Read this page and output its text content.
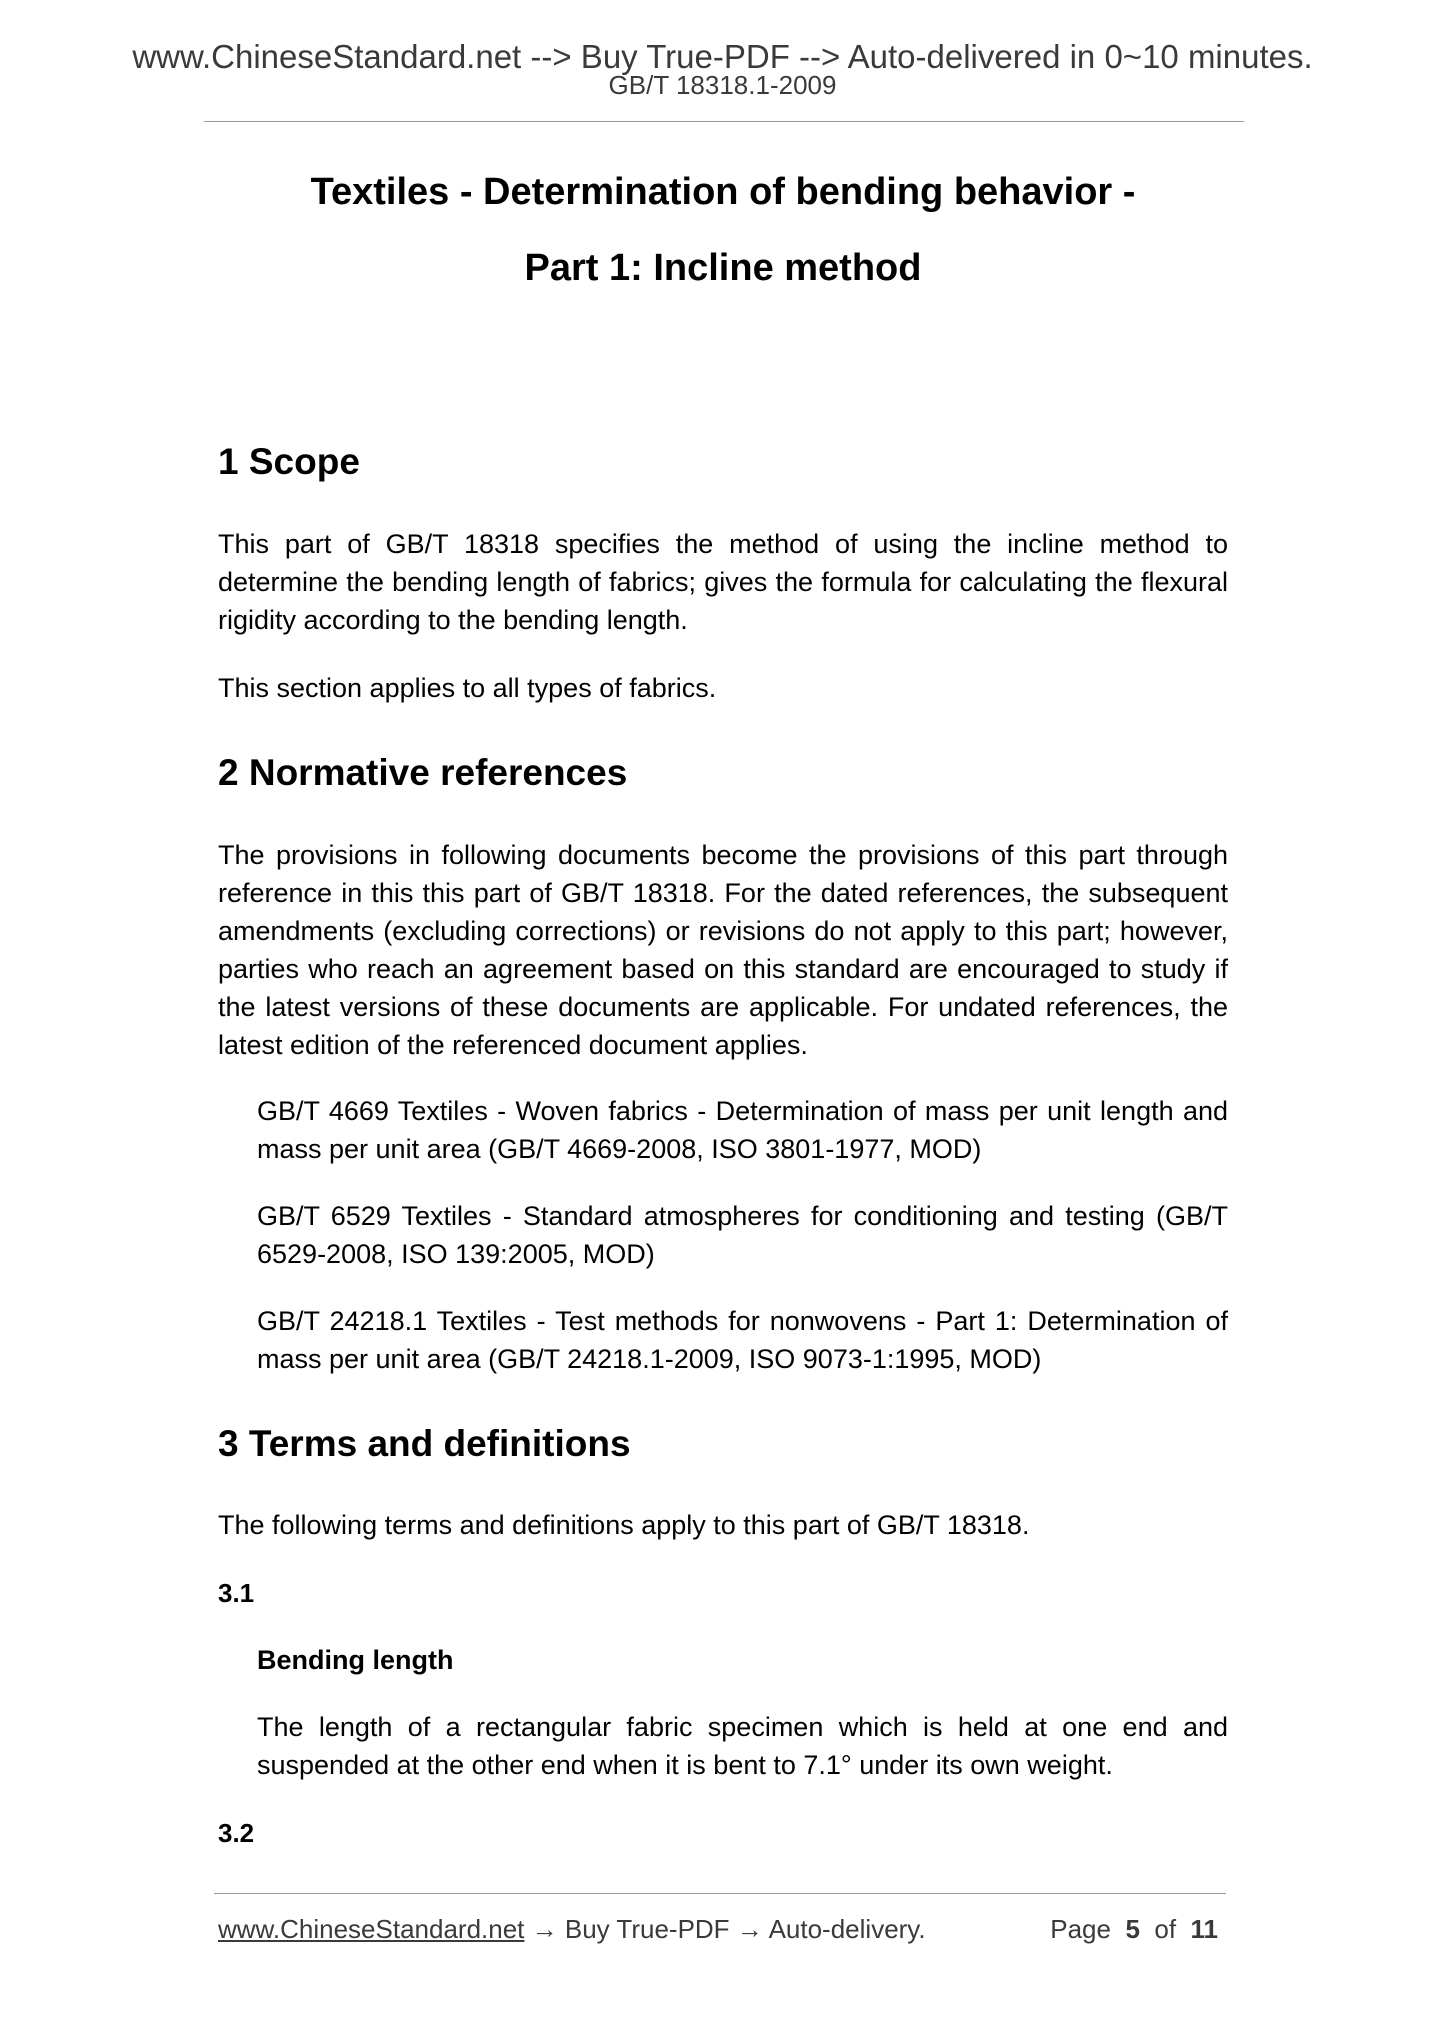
www.ChineseStandard.net --> Buy True-PDF --> Auto-delivered in 0~10 minutes.
GB/T 18318.1-2009
Textiles - Determination of bending behavior -
Part 1: Incline method
1 Scope

This part of GB/T 18318 specifies the method of using the incline method to determine the bending length of fabrics; gives the formula for calculating the flexural rigidity according to the bending length.

This section applies to all types of fabrics.

2 Normative references

The provisions in following documents become the provisions of this part through reference in this this part of GB/T 18318. For the dated references, the subsequent amendments (excluding corrections) or revisions do not apply to this part; however, parties who reach an agreement based on this standard are encouraged to study if the latest versions of these documents are applicable. For undated references, the latest edition of the referenced document applies.

GB/T 4669 Textiles - Woven fabrics - Determination of mass per unit length and mass per unit area (GB/T 4669-2008, ISO 3801-1977, MOD)

GB/T 6529 Textiles - Standard atmospheres for conditioning and testing (GB/T 6529-2008, ISO 139:2005, MOD)

GB/T 24218.1 Textiles - Test methods for nonwovens - Part 1: Determination of mass per unit area (GB/T 24218.1-2009, ISO 9073-1:1995, MOD)

3 Terms and definitions

The following terms and definitions apply to this part of GB/T 18318.

3.1
Bending length

The length of a rectangular fabric specimen which is held at one end and suspended at the other end when it is bent to 7.1° under its own weight.

3.2
www.ChineseStandard.net → Buy True-PDF → Auto-delivery.	Page 5 of 11
